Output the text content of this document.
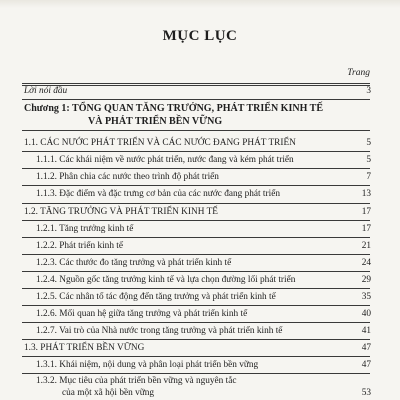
MỤC LỤC
Trang
Lời nói đầu	3
Chương 1: TỔNG QUAN TĂNG TRƯỞNG, PHÁT TRIỂN KINH TẾ
VÀ PHÁT TRIỂN BỀN VỮNG
1.1. CÁC NƯỚC PHÁT TRIỂN VÀ CÁC NƯỚC ĐANG PHÁT TRIỂN	5
1.1.1. Các khái niệm về nước phát triển, nước đang và kém phát triển	5
1.1.2. Phân chia các nước theo trình độ phát triển	7
1.1.3. Đặc điểm và đặc trưng cơ bản của các nước đang phát triển	13
1.2. TĂNG TRƯỞNG VÀ PHÁT TRIỂN KINH TẾ	17
1.2.1. Tăng trưởng kinh tế	17
1.2.2. Phát triển kinh tế	21
1.2.3. Các thước đo tăng trưởng và phát triển kinh tế	24
1.2.4. Nguồn gốc tăng trưởng kinh tế và lựa chọn đường lối phát triển	29
1.2.5. Các nhân tố tác động đến tăng trưởng và phát triển kinh tế	35
1.2.6. Mối quan hệ giữa tăng trưởng và phát triển kinh tế	40
1.2.7. Vai trò của Nhà nước trong tăng trưởng và phát triển kinh tế	41
1.3. PHÁT TRIỂN BỀN VỮNG	47
1.3.1. Khái niệm, nội dung và phân loại phát triển bền vững	47
1.3.2. Mục tiêu của phát triển bền vững và nguyên tắc
của một xã hội bền vững	53
